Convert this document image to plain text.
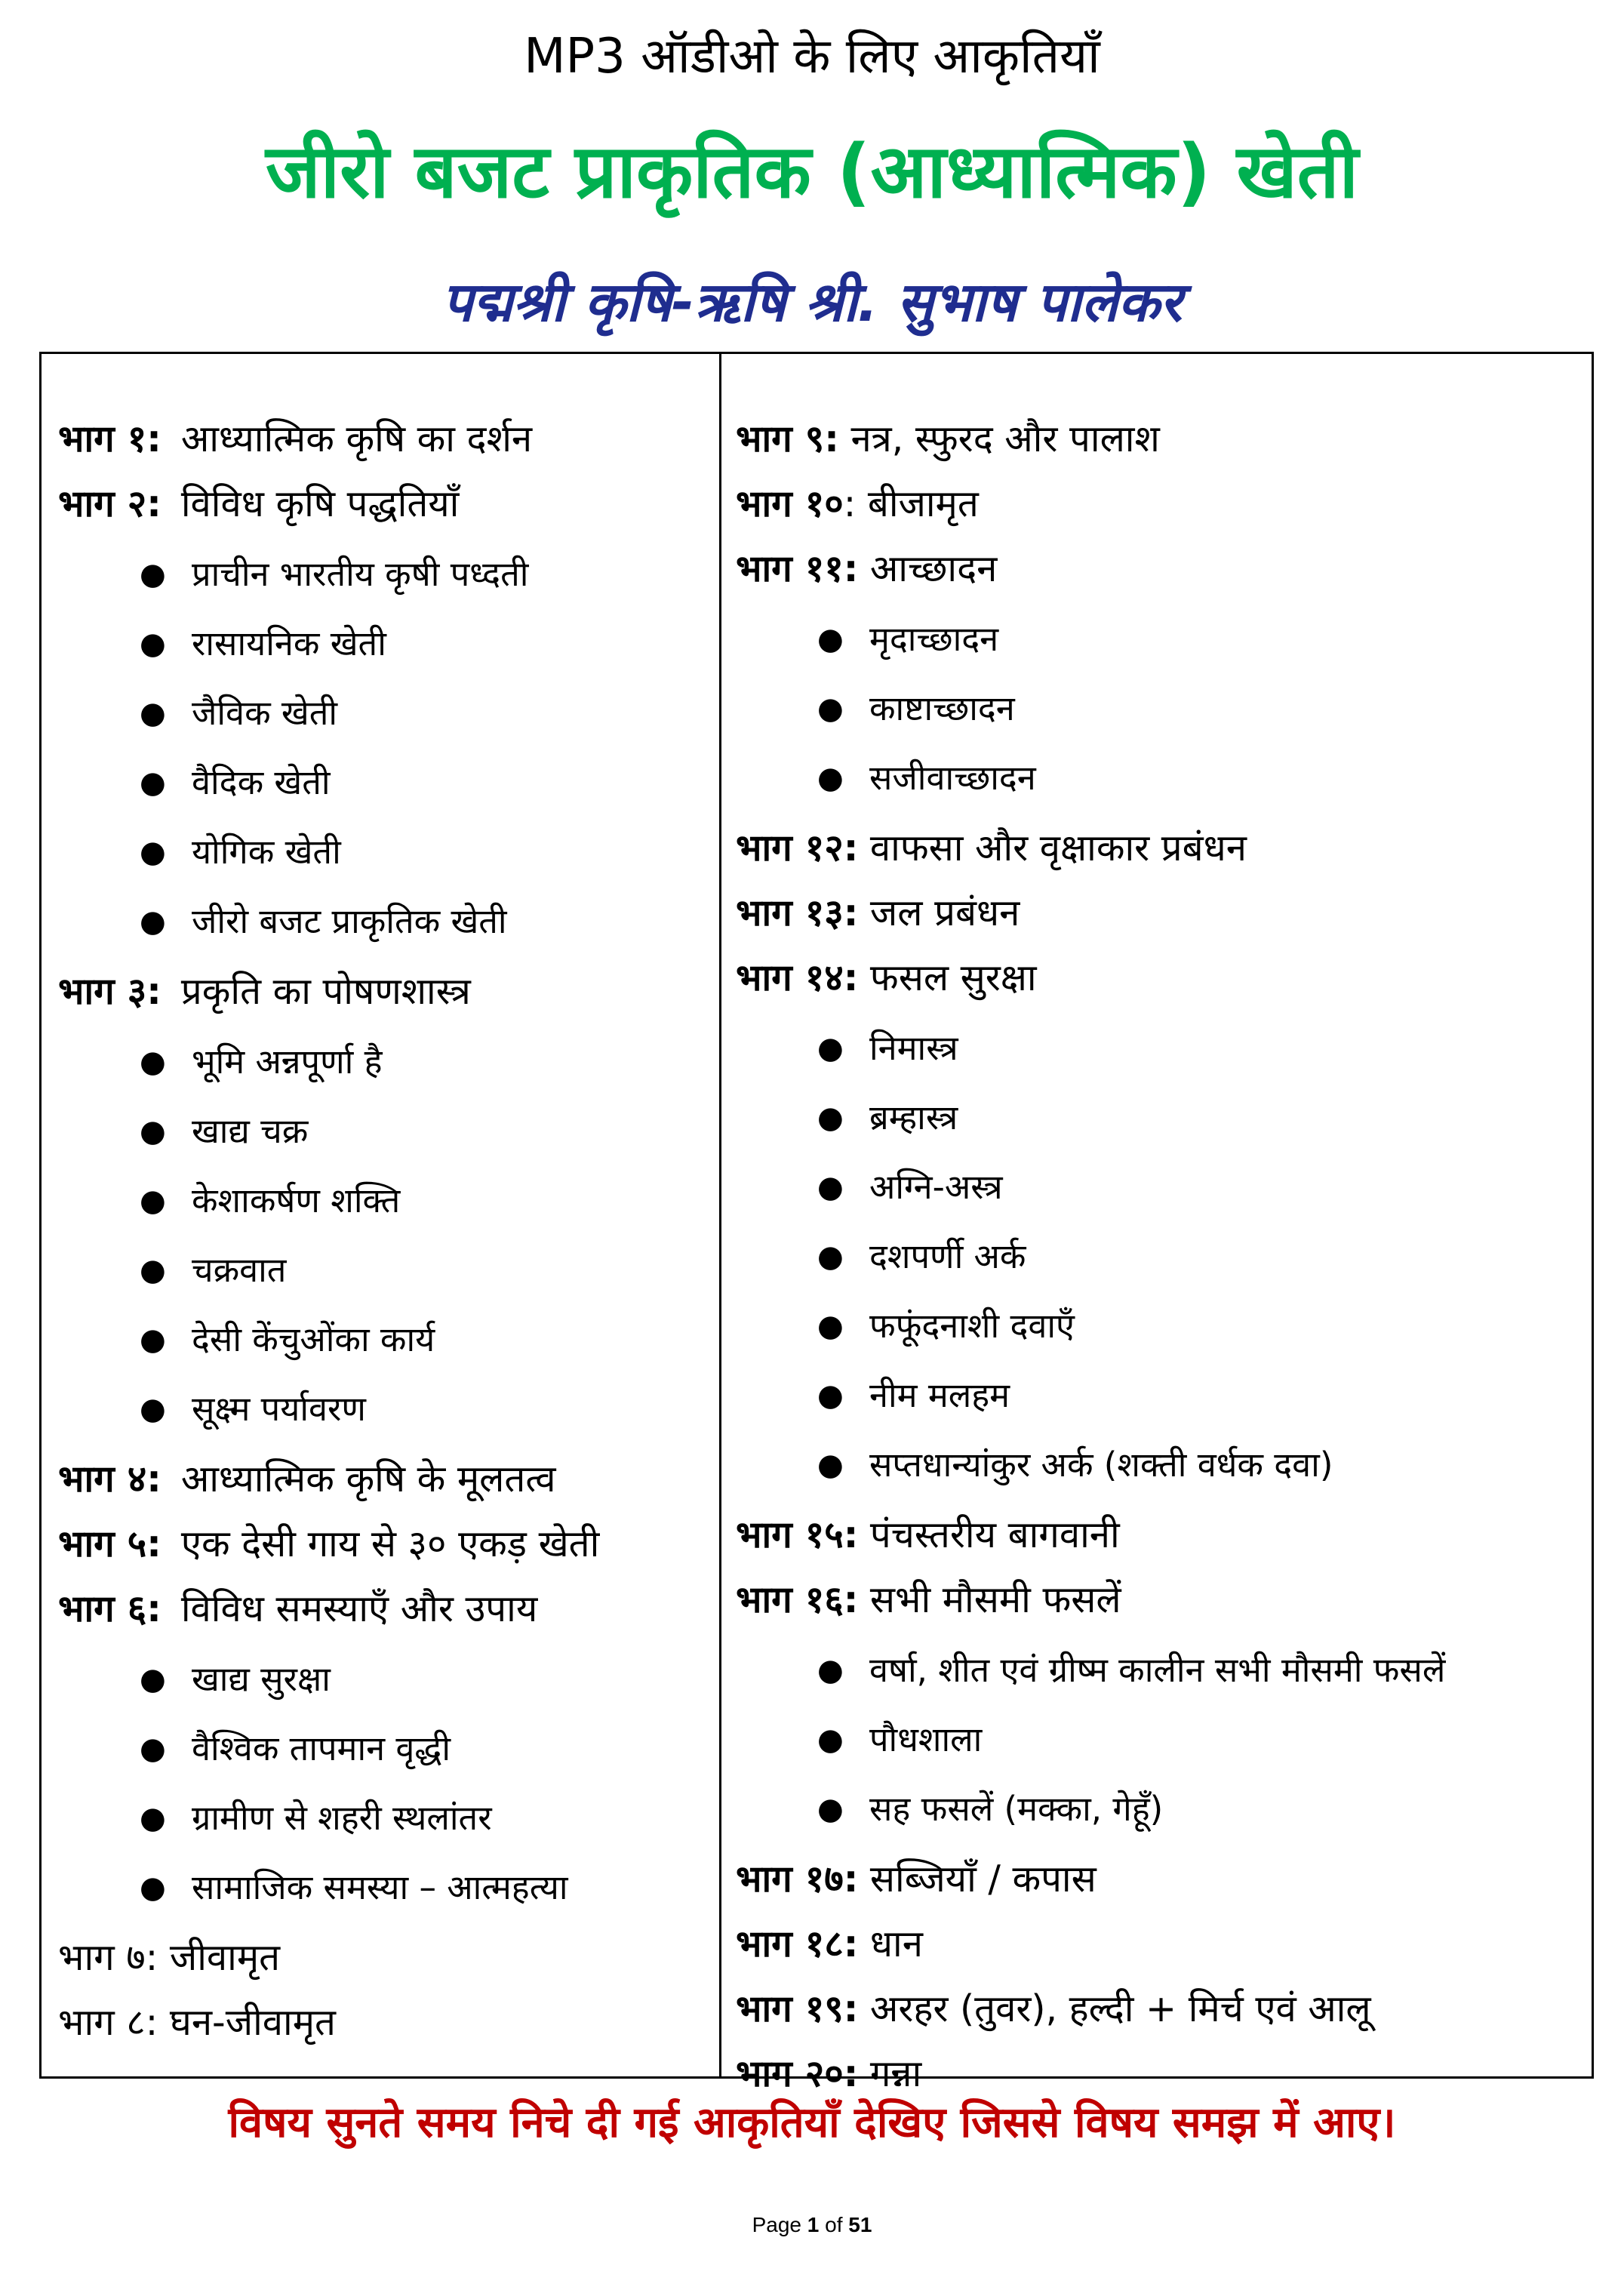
MP3 ऑडीओ के लिए आकृतियाँ
जीरो बजट प्राकृतिक (आध्यात्मिक) खेती
पद्मश्री कृषि-ऋषि श्री. सुभाष पालेकर
भाग १: आध्यात्मिक कृषि का दर्शन
भाग २: विविध कृषि पद्धतियाँ
● प्राचीन भारतीय कृषी पध्दती
● रासायनिक खेती
● जैविक खेती
● वैदिक खेती
● योगिक खेती
● जीरो बजट प्राकृतिक खेती
भाग ३: प्रकृति का पोषणशास्त्र
● भूमि अन्नपूर्णा है
● खाद्य चक्र
● केशाकर्षण शक्ति
● चक्रवात
● देसी केंचुओंका कार्य
● सूक्ष्म पर्यावरण
भाग ४: आध्यात्मिक कृषि के मूलतत्व
भाग ५: एक देसी गाय से ३० एकड़ खेती
भाग ६: विविध समस्याएँ और उपाय
● खाद्य सुरक्षा
● वैश्विक तापमान वृद्धी
● ग्रामीण से शहरी स्थलांतर
● सामाजिक समस्या – आत्महत्या
भाग ७: जीवामृत
भाग ८: घन-जीवामृत
भाग ९: नत्र, स्फुरद और पालाश
भाग १०: बीजामृत
भाग ११: आच्छादन
● मृदाच्छादन
● काष्टाच्छादन
● सजीवाच्छादन
भाग १२: वाफसा और वृक्षाकार प्रबंधन
भाग १३: जल प्रबंधन
भाग १४: फसल सुरक्षा
● निमास्त्र
● ब्रम्हास्त्र
● अग्नि-अस्त्र
● दशपर्णी अर्क
● फफूंदनाशी दवाएँ
● नीम मलहम
● सप्तधान्यांकुर अर्क (शक्ती वर्धक दवा)
भाग १५: पंचस्तरीय बागवानी
भाग १६: सभी मौसमी फसलें
● वर्षा, शीत एवं ग्रीष्म कालीन सभी मौसमी फसलें
● पौधशाला
● सह फसलें (मक्का, गेहूँ)
भाग १७: सब्जियाँ / कपास
भाग १८: धान
भाग १९: अरहर (तुवर), हल्दी + मिर्च एवं आलू
भाग २०: गन्ना
विषय सुनते समय निचे दी गई आकृतियाँ देखिए जिससे विषय समझ में आए।
Page 1 of 51
